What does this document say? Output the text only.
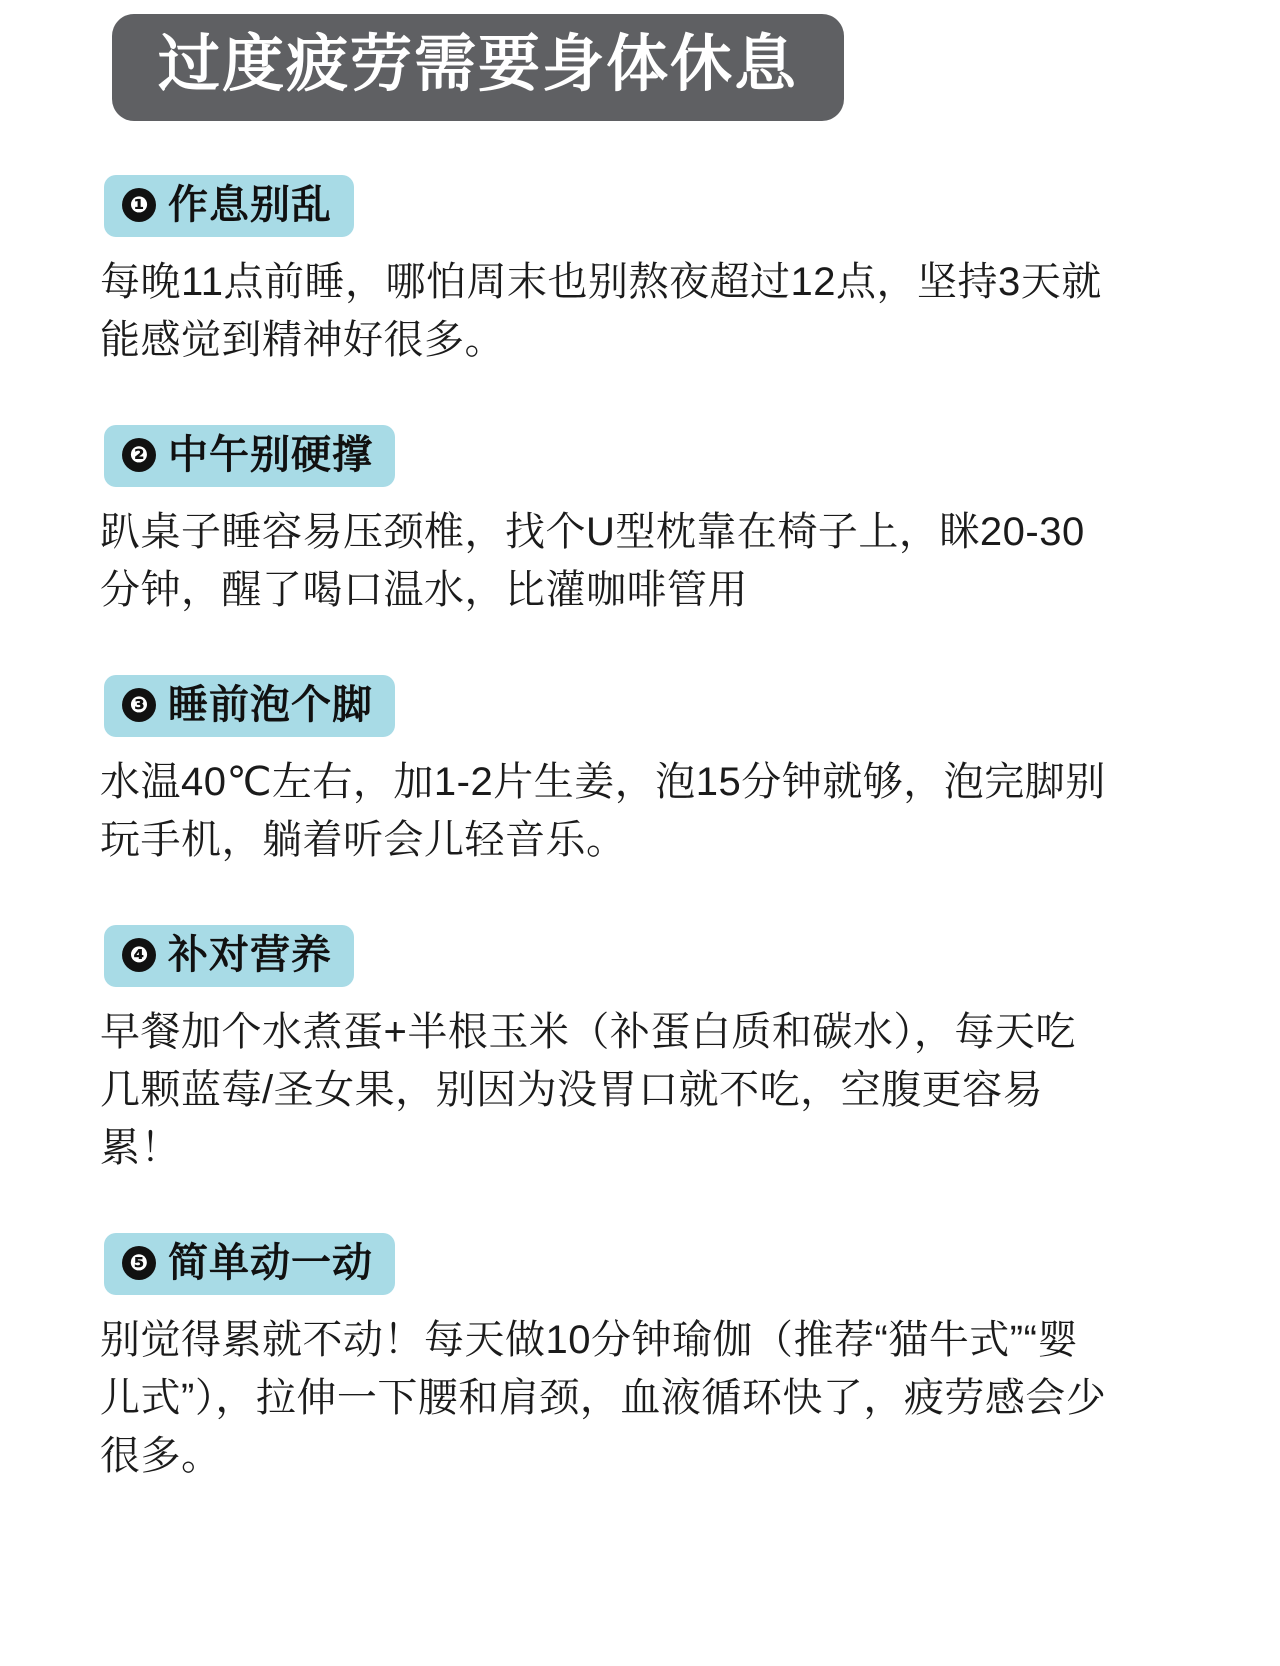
过度疲劳需要身体休息
❶ 作息别乱
每晚11点前睡，哪怕周末也别熬夜超过12点，坚持3天就能感觉到精神好很多。
❷ 中午别硬撑
趴桌子睡容易压颈椎，找个U型枕靠在椅子上，眯20-30分钟，醒了喝口温水，比灌咖啡管用
❸ 睡前泡个脚
水温40℃左右，加1-2片生姜，泡15分钟就够，泡完脚别玩手机，躺着听会儿轻音乐。
❹ 补对营养
早餐加个水煮蛋+半根玉米（补蛋白质和碳水），每天吃几颗蓝莓/圣女果，别因为没胃口就不吃，空腹更容易累！
❺ 简单动一动
别觉得累就不动！每天做10分钟瑜伽（推荐“猫牛式”“婴儿式”），拉伸一下腰和肩颈，血液循环快了，疲劳感会少很多。
